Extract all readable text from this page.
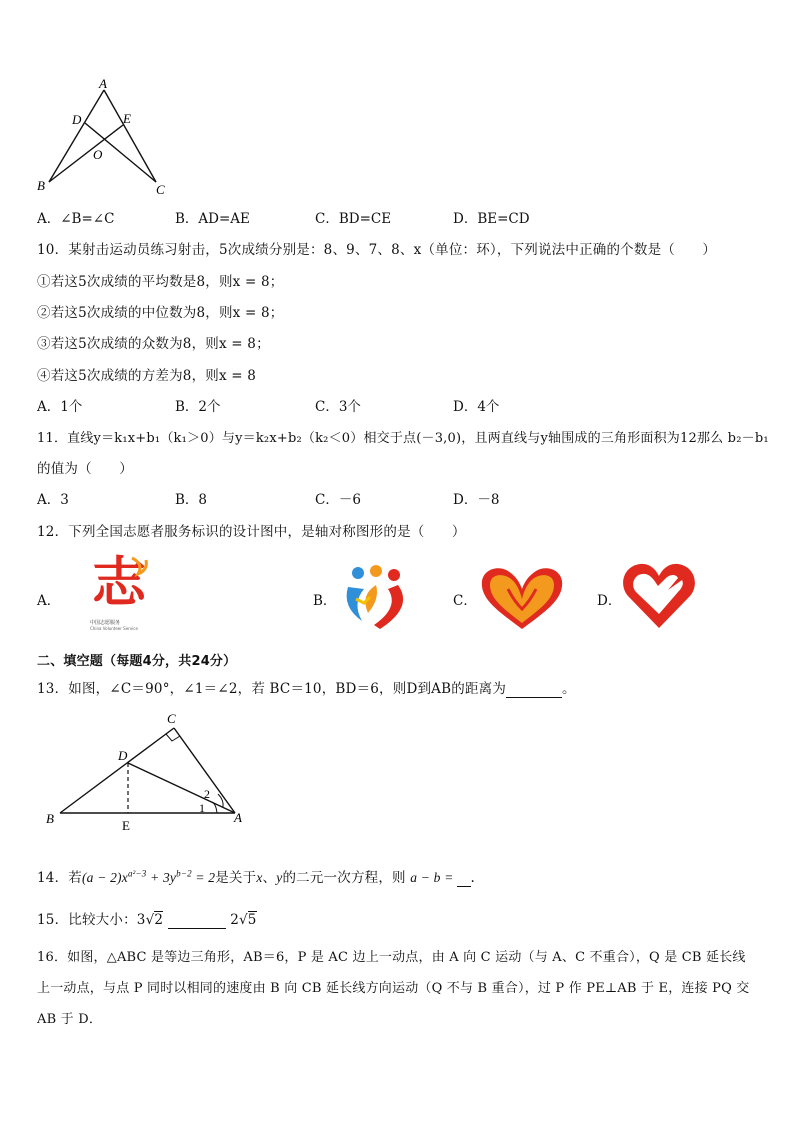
A
D	E
O
B	C
A．∠B=∠C	B．AD=AE	C．BD=CE	D．BE=CD
10．某射击运动员练习射击，5次成绩分别是：8、9、7、8、x（单位：环），下列说法中正确的个数是（　　）
①若这5次成绩的平均数是8，则x = 8；
②若这5次成绩的中位数为8，则x = 8；
③若这5次成绩的众数为8，则x = 8；
④若这5次成绩的方差为8，则x = 8
A．1个	B．2个	C．3个	D．4个
11．直线y＝k₁x+b₁（k₁＞0）与y＝k₂x+b₂（k₂＜0）相交于点(－3,0)，且两直线与y轴围成的三角形面积为12那么 b₂－b₁
的值为（　　）
A．3	B．8	C．－6	D．－8
12．下列全国志愿者服务标识的设计图中，是轴对称图形的是（　　）
A． 志
中国志愿服务
China Volunteer Service
B．	C．	D．
二、填空题（每题4分，共24分）
13．如图，∠C＝90°，∠1＝∠2，若 BC＝10，BD＝6，则D到AB的距离为	。
C
D
B	E
A
1
2
14．若$(a - 2)x^{a^2-3} + 3y^{b-2} = 2$是关于x、y的二元一次方程，则 a − b = .
15．比较大小：3√2	2√5
16．如图，△ABC 是等边三角形，AB＝6，P 是 AC 边上一动点，由 A 向 C 运动（与 A、C 不重合），Q 是 CB 延长线
上一动点，与点 P 同时以相同的速度由 B 向 CB 延长线方向运动（Q 不与 B 重合），过 P 作 PE⊥AB 于 E，连接 PQ 交
AB 于 D．
